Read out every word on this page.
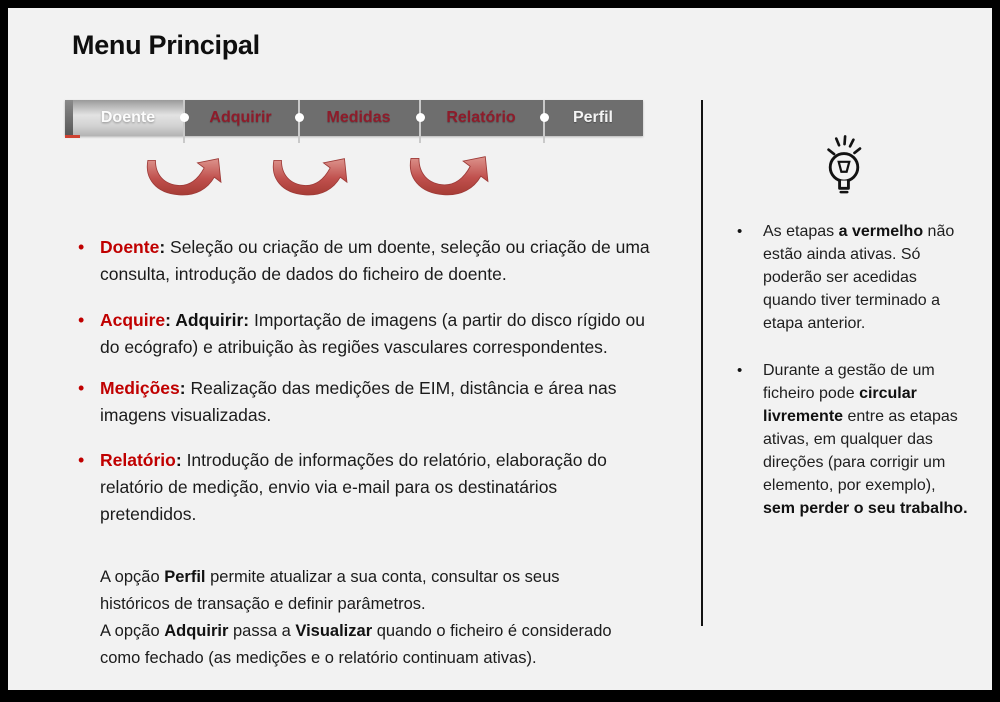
Menu Principal
Doente	Adquirir	Medidas	Relatório	Perfil
• Doente: Seleção ou criação de um doente, seleção ou criação de uma consulta, introdução de dados do ficheiro de doente.
• Acquire: Adquirir: Importação de imagens (a partir do disco rígido ou do ecógrafo) e atribuição às regiões vasculares correspondentes.
• Medições: Realização das medições de EIM, distância e área nas imagens visualizadas.
• Relatório: Introdução de informações do relatório, elaboração do relatório de medição, envio via e-mail para os destinatários pretendidos.
A opção Perfil permite atualizar a sua conta, consultar os seus históricos de transação e definir parâmetros.
A opção Adquirir passa a Visualizar quando o ficheiro é considerado como fechado (as medições e o relatório continuam ativas).
•	As etapas a vermelho não estão ainda ativas. Só poderão ser acedidas quando tiver terminado a etapa anterior.
•	Durante a gestão de um ficheiro pode circular livremente entre as etapas ativas, em qualquer das direções (para corrigir um elemento, por exemplo), sem perder o seu trabalho.
